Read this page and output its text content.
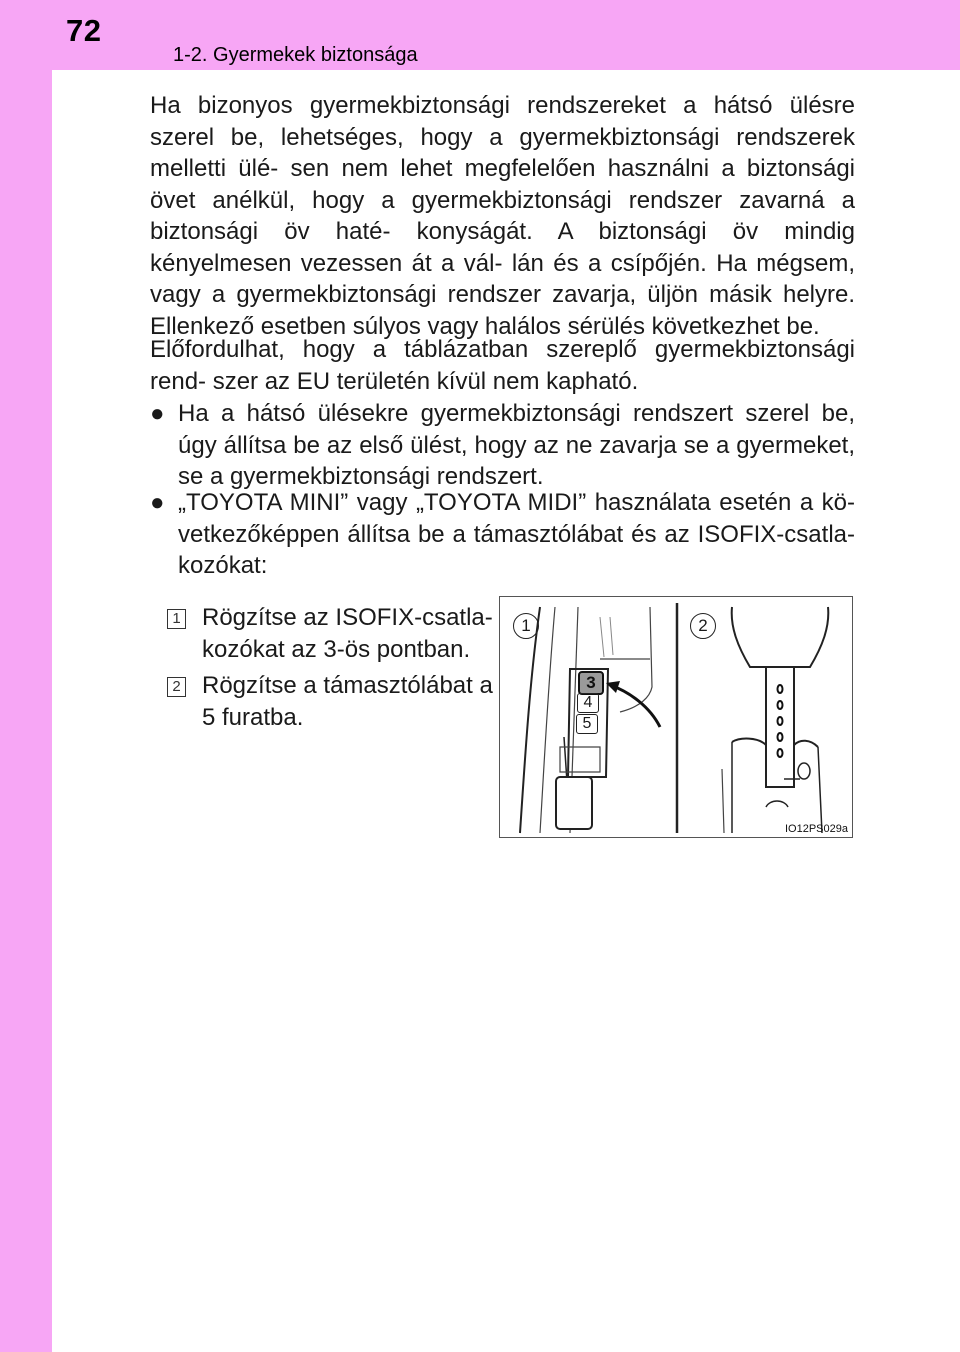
72
1-2. Gyermekek biztonsága
Ha bizonyos gyermekbiztonsági rendszereket a hátsó ülésre szerel be, lehetséges, hogy a gyermekbiztonsági rendszerek melletti ülé- sen nem lehet megfelelően használni a biztonsági övet anélkül, hogy a gyermekbiztonsági rendszer zavarná a biztonsági öv haté- konyságát. A biztonsági öv mindig kényelmesen vezessen át a vál- lán és a csípőjén. Ha mégsem, vagy a gyermekbiztonsági rendszer zavarja, üljön másik helyre. Ellenkező esetben súlyos vagy halálos sérülés következhet be.
Előfordulhat, hogy a táblázatban szereplő gyermekbiztonsági rend- szer az EU területén kívül nem kapható.
● Ha a hátsó ülésekre gyermekbiztonsági rendszert szerel be, úgy állítsa be az első ülést, hogy az ne zavarja se a gyermeket, se a gyermekbiztonsági rendszert.
● „TOYOTA MINI” vagy „TOYOTA MIDI” használata esetén a kö- vetkezőképpen állítsa be a támasztólábat és az ISOFIX-csatla- kozókat:
1 Rögzítse az ISOFIX-csatla- kozókat az 3-ös pontban.
2 Rögzítse a támasztólábat a 5 furatba.
1	2
3
4
5
IO12PS029a
